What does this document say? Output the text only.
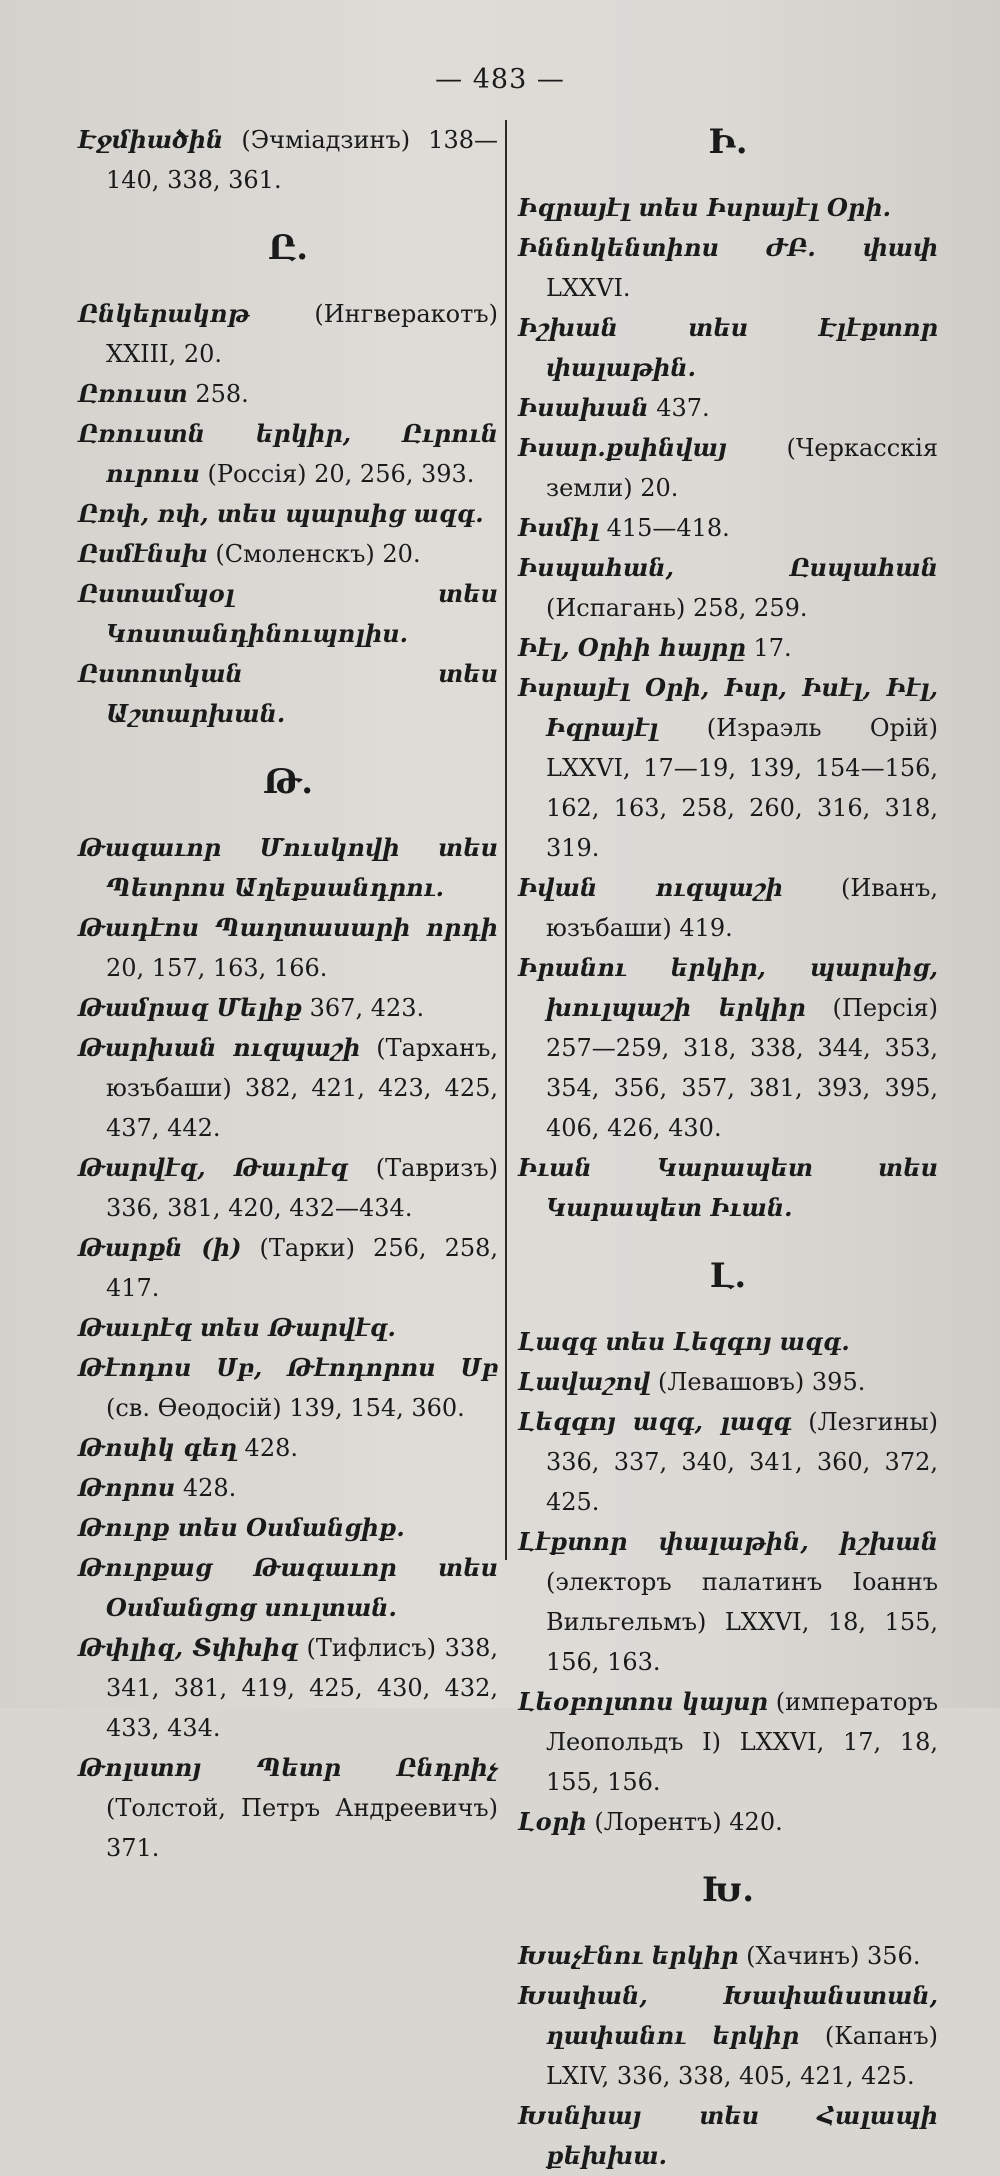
— 483 —
Էջմիածին (Эчміадзинъ) 138—140, 338, 361.
Ը.
Ընկերակոթ (Ингверакотъ) XXIII, 20.
Ըռուստ 258.
Ըռուստն երկիր, Ըւրուն ուրուս (Россія) 20, 256, 393.
Ըռփ, ռփ, տես պարսից ազգ.
Ըսմէնսխ (Смоленскъ) 20.
Ըստամպօլ տես Կոստանդինուպոլիս.
Ըստոտկան տես Աշտարխան.
Թ.
Թագաւոր Մուսկովի տես Պետրոս Աղեքսանդրու.
Թադէոս Պաղտասարի որդի 20, 157, 163, 166.
Թամրազ Մելիք 367, 423.
Թարխան ուզպաշի (Тарханъ, юзъбаши) 382, 421, 423, 425, 437, 442.
Թարվէզ, Թաւրէզ (Тавризъ) 336, 381, 420, 432—434.
Թարքն (ի) (Тарки) 256, 258, 417.
Թաւրէզ տես Թարվէզ.
Թէոդոս Սբ, Թէոդորոս Սբ (св. Өеодосій) 139, 154, 360.
Թոսիկ գեղ 428.
Թորոս 428.
Թուրք տես Օսմանցիք.
Թուրքաց Թագաւոր տես Օսմանցոց սուլտան.
Թփլիզ, Տփխիզ (Тифлисъ) 338, 341, 381, 419, 425, 430, 432, 433, 434.
Թոլստոյ Պետր Ընդրիչ (Толстой, Петръ Андреевичъ) 371.
Ի.
Իզրայէլ տես Իսրայէլ Օրի.
Իննոկենտիոս ԺԲ. փափ LXXVI.
Իշխան տես Էլէքտոր փալաթին.
Իսախան 437.
Իսար.քսինվայ (Черкасскія земли) 20.
Իսմիլ 415—418.
Իսպահան, Ըսպահան (Испагань) 258, 259.
Իէլ, Օրիի հայրը 17.
Իսրայէլ Օրի, Իսր, Իսէլ, Իէլ, Իզրայէլ (Израэль Орій) LXXVI, 17—19, 139, 154—156, 162, 163, 258, 260, 316, 318, 319.
Իվան ուզպաշի (Иванъ, юзъбаши) 419.
Իրանու երկիր, պարսից, խուլպաշի երկիր (Персія) 257—259, 318, 338, 344, 353, 354, 356, 357, 381, 393, 395, 406, 426, 430.
Իւան Կարապետ տես Կարապետ Իւան.
Լ.
Լազգ տես Լեզգոյ ազգ.
Լավաշով (Левашовъ) 395.
Լեզգոյ ազգ, լազգ (Лезгины) 336, 337, 340, 341, 360, 372, 425.
Լէքտոր փալաթին, իշխան (электоръ палатинъ Іоаннъ Вильгельмъ) LXXVI, 18, 155, 156, 163.
Լեօբոլտոս կայսր (императоръ Леопольдъ I) LXXVI, 17, 18, 155, 156.
Լօրի (Лорентъ) 420.
Խ.
Խաչէնու երկիր (Хачинъ) 356.
Խափան, Խափանստան, ղափանու երկիր (Капанъ) LXIV, 336, 338, 405, 421, 425.
Խսնխայ տես Հալապի քեխխա.
